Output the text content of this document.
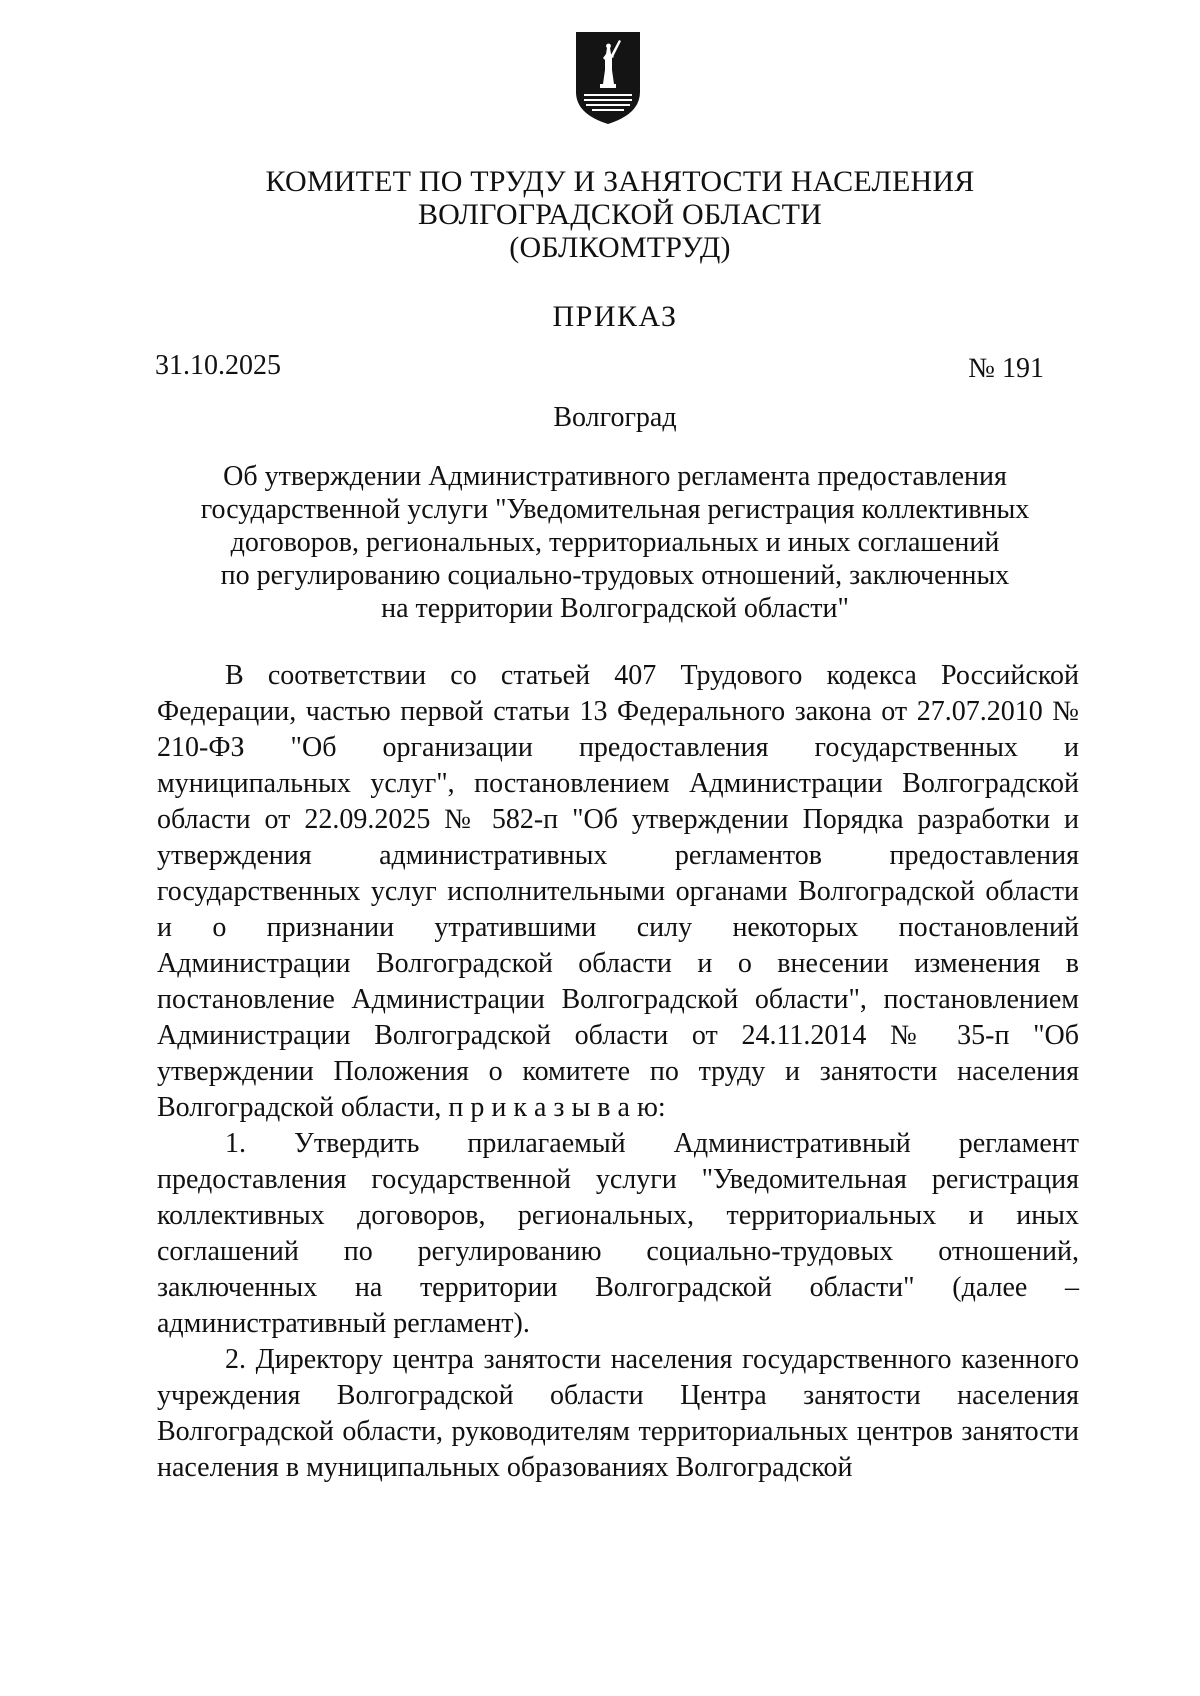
КОМИТЕТ ПО ТРУДУ И ЗАНЯТОСТИ НАСЕЛЕНИЯ
ВОЛГОГРАДСКОЙ ОБЛАСТИ
(ОБЛКОМТРУД)
ПРИКАЗ
31.10.2025	№ 191
Волгоград
Об утверждении Административного регламента предоставления
государственной услуги "Уведомительная регистрация коллективных
договоров, региональных, территориальных и иных соглашений
по регулированию социально-трудовых отношений, заключенных
на территории Волгоградской области"

В соответствии со статьей 407 Трудового кодекса Российской Федерации, частью первой статьи 13 Федерального закона от 27.07.2010 № 210-ФЗ "Об организации предоставления государственных и муниципальных услуг", постановлением Администрации Волгоградской области от 22.09.2025 № 582-п "Об утверждении Порядка разработки и утверждения административных регламентов предоставления государственных услуг исполнительными органами Волгоградской области и о признании утратившими силу некоторых постановлений Администрации Волгоградской области и о внесении изменения в постановление Администрации Волгоградской области", постановлением Администрации Волгоградской области от 24.11.2014 № 35-п "Об утверждении Положения о комитете по труду и занятости населения Волгоградской области, п р и к а з ы в а ю:

1. Утвердить прилагаемый Административный регламент предоставления государственной услуги "Уведомительная регистрация коллективных договоров, региональных, территориальных и иных соглашений по регулированию социально-трудовых отношений, заключенных на территории Волгоградской области" (далее – административный регламент).

2. Директору центра занятости населения государственного казенного учреждения Волгоградской области Центра занятости населения Волгоградской области, руководителям территориальных центров занятости населения в муниципальных образованиях Волгоградской
